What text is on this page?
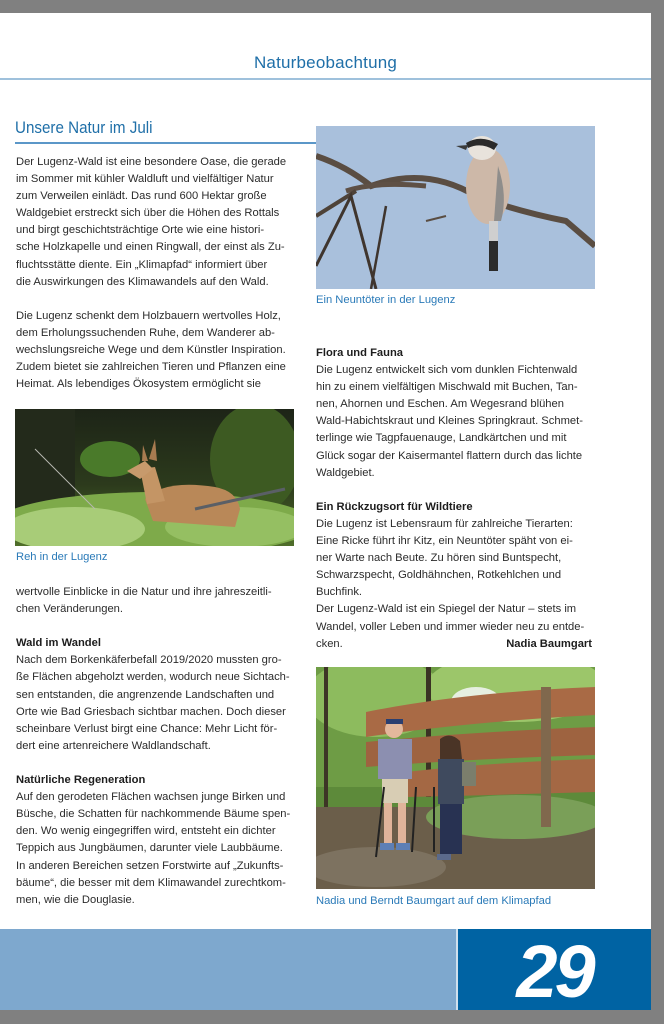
Naturbeobachtung
Unsere Natur im Juli

Der Lugenz-Wald ist eine besondere Oase, die gerade

im Sommer mit kühler Waldluft und vielfältiger Natur

zum Verweilen einlädt. Das rund 600 Hektar große

Waldgebiet erstreckt sich über die Höhen des Rottals

und birgt geschichtsträchtige Orte wie eine histori-

sche Holzkapelle und einen Ringwall, der einst als Zu-

fluchtsstätte diente. Ein „Klimapfad“ informiert über

die Auswirkungen des Klimawandels auf den Wald.

Die Lugenz schenkt dem Holzbauern wertvolles Holz,

dem Erholungssuchenden Ruhe, dem Wanderer ab-

wechslungsreiche Wege und dem Künstler Inspiration.

Zudem bietet sie zahlreichen Tieren und Pflanzen eine

Heimat. Als lebendiges Ökosystem ermöglicht sie

Reh in der Lugenz

wertvolle Einblicke in die Natur und ihre jahreszeitli-

chen Veränderungen.

Wald im Wandel

Nach dem Borkenkäferbefall 2019/2020 mussten gro-

ße Flächen abgeholzt werden, wodurch neue Sichtach-

sen entstanden, die angrenzende Landschaften und

Orte wie Bad Griesbach sichtbar machen. Doch dieser

scheinbare Verlust birgt eine Chance: Mehr Licht för-

dert eine artenreichere Waldlandschaft.

Natürliche Regeneration

Auf den gerodeten Flächen wachsen junge Birken und

Büsche, die Schatten für nachkommende Bäume spen-

den. Wo wenig eingegriffen wird, entsteht ein dichter

Teppich aus Jungbäumen, darunter viele Laubbäume.

In anderen Bereichen setzen Forstwirte auf „Zukunfts-

bäume“, die besser mit dem Klimawandel zurechtkom-

men, wie die Douglasie.

Ein Neuntöter in der Lugenz

Flora und Fauna

Die Lugenz entwickelt sich vom dunklen Fichtenwald

hin zu einem vielfältigen Mischwald mit Buchen, Tan-

nen, Ahornen und Eschen. Am Wegesrand blühen

Wald-Habichtskraut und Kleines Springkraut. Schmet-

terlinge wie Tagpfauenauge, Landkärtchen und mit

Glück sogar der Kaisermantel flattern durch das lichte

Waldgebiet.

Ein Rückzugsort für Wildtiere

Die Lugenz ist Lebensraum für zahlreiche Tierarten:

Eine Ricke führt ihr Kitz, ein Neuntöter späht von ei-

ner Warte nach Beute. Zu hören sind Buntspecht,

Schwarzspecht, Goldhähnchen, Rotkehlchen und

Buchfink.

Der Lugenz-Wald ist ein Spiegel der Natur – stets im

Wandel, voller Leben und immer wieder neu zu entde-

cken.	Nadia Baumgart

Nadia und Berndt Baumgart auf dem Klimapfad
29
